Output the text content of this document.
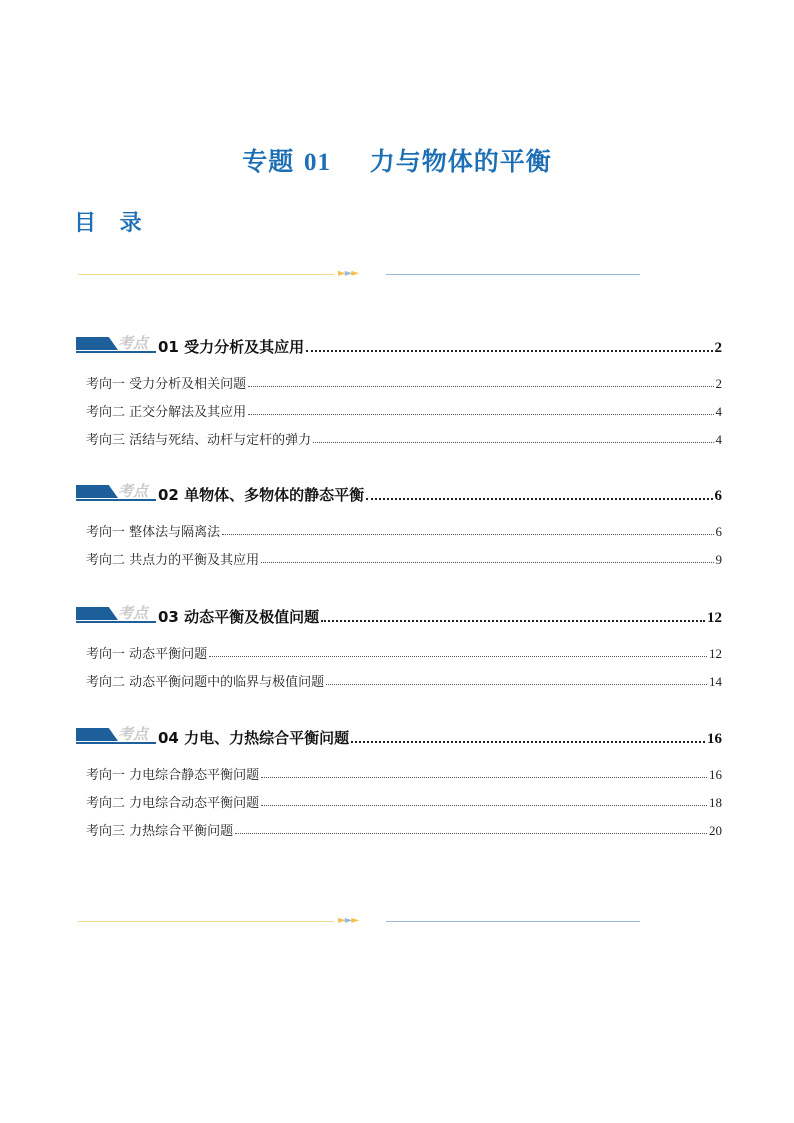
专题 01 力与物体的平衡
目 录
►►►
考点 01 受力分析及其应用	2
考向一 受力分析及相关问题	2
考向二 正交分解法及其应用	4
考向三 活结与死结、动杆与定杆的弹力	4
考点 02 单物体、多物体的静态平衡	6
考向一 整体法与隔离法	6
考向二 共点力的平衡及其应用	9
考点 03 动态平衡及极值问题	12
考向一 动态平衡问题	12
考向二 动态平衡问题中的临界与极值问题	14
考点 04 力电、力热综合平衡问题	16
考向一 力电综合静态平衡问题	16
考向二 力电综合动态平衡问题	18
考向三 力热综合平衡问题	20
►►►
